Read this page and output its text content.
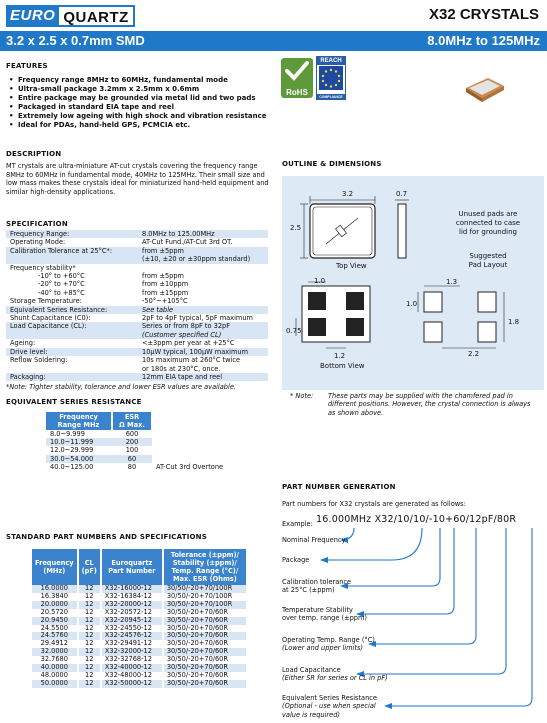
EURO QUARTZ	X32 CRYSTALS
3.2 x 2.5 x 0.7mm SMD	8.0MHz to 125MHz
FEATURES
• Frequency range 8MHz to 60MHz, fundamental mode
• Ultra-small package 3.2mm x 2.5mm x 0.6mm
• Entire package may be grounded via metal lid and two pads
• Packaged in standard EIA tape and reel
• Extremely low ageing with high shock and vibration resistance
• Ideal for PDAs, hand-held GPS, PCMCIA etc.
RoHS
REACH
COMPLIANCE
DESCRIPTION
MT crystals are ultra-miniature AT-cut crystals covering the frequency range 8MHz to 60MHz in fundamental mode, 40MHz to 125MHz. Their small size and low mass makes these crystals ideal for miniaturized hand-held equipment and similar high-density applications.
SPECIFICATION
Frequency Range:	8.0MHz to 125.00MHz
Operating Mode:	AT-Cut Fund./AT-Cut 3rd OT.
Calibration Tolerance at 25°C*:	from ±5ppm
(±10, ±20 or ±30ppm standard)
Frequency stability*	
-10° to +60°C	from ±5ppm
-20° to +70°C	from ±10ppm
-40° to +85°C	from ±15ppm
Storage Temperature:	-50°~+105°C
Equivalent Series Resistance:	See table
Shunt Capacitance (C0):	2pF to 4pF typical, 5pF maximum
Load Capacitance (CL):	Series or from 8pF to 32pF
(Customer specified CL)
Ageing:	<±3ppm per year at +25°C
Drive level:	10μW typical, 100μW maximum
Reflow Soldering:	10s maximum at 260°C twice
or 180s at 230°C, once.
Packaging:	12mm EIA tape and reel
*Note: Tighter stability, tolerance and lower ESR values are available.
EQUIVALENT SERIES RESISTANCE
Frequency
Range MHz	ESR
Ω Max.	
8.0~9.999	600	
10.0~11.999	200	
12.0~29.999	100	
30.0~54.000	60	
40.0~125.00	80	AT-Cut 3rd Overtone
STANDARD PART NUMBERS AND SPECIFICATIONS
Frequency
(MHz)	CL
(pF)	Euroquartz
Part Number	Tolerance (±ppm)/
Stability (±ppm)/
Temp. Range (°C)/
Max. ESR (Ohms)
16.0000	12	X32-16000-12	30/50/-20+70/100R
16.3840	12	X32-16384-12	30/50/-20+70/100R
20.0000	12	X32-20000-12	30/50/-20+70/100R
20.5720	12	X32-20572-12	30/50/-20+70/60R
20.9450	12	X32-20945-12	30/50/-20+70/60R
24.5500	12	X32-24550-12	30/50/-20+70/60R
24.5760	12	X32-24576-12	30/50/-20+70/60R
29.4912	12	X32-29491-12	30/50/-20+70/60R
32.0000	12	X32-32000-12	30/50/-20+70/60R
32.7680	12	X32-32768-12	30/50/-20+70/60R
40.0000	12	X32-40000-12	30/50/-20+70/60R
48.0000	12	X32-48000-12	30/50/-20+70/60R
50.0000	12	X32-50000-12	30/50/-20+70/60R
OUTLINE & DIMENSIONS
3.2	0.7
2.5
Top View
Unused pads are
connected to case
lid for grounding
Suggested
Pad Layout
1.0
0.75
1.2
Bottom View
1.3
1.0
1.8
2.2
* Note: These parts may be supplied with the chamfered pad in different positions. However, the crystal connection is always as shown above.
PART NUMBER GENERATION
Part numbers for X32 crystals are generated as follows:
Example: 16.000MHz X32/10/10/-10+60/12pF/80R
Nominal Frequency
Package
Calibration tolerance
at 25°C (±ppm)
Temperature Stability
over temp. range (±ppm)
Operating Temp. Range (°C)
(Lower and upper limits)
Load Capacitance
(Either SR for series or CL in pF)
Equivalent Series Resistance
(Optional - use when special
value is required)
